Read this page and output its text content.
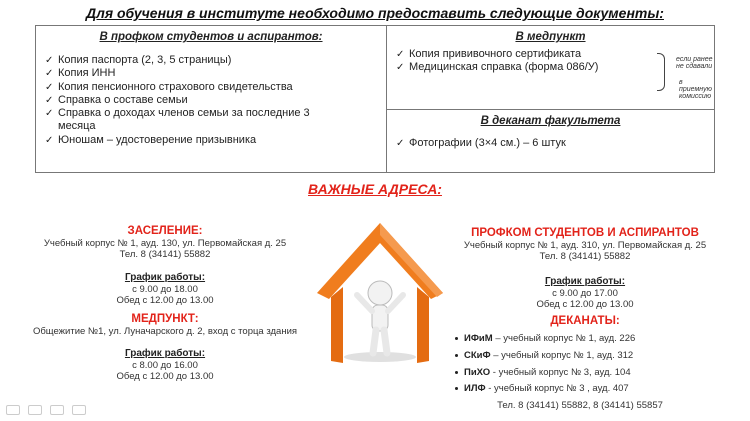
Для обучения в институте необходимо предоставить следующие документы:
В профком студентов и аспирантов:
✓ Копия паспорта (2, 3, 5 страницы)
✓ Копия ИНН
✓ Копия пенсионного страхового свидетельства
✓ Справка о составе семьи
✓ Справка о доходах членов семьи за последние 3 месяца
✓ Юношам – удостоверение призывника
В медпункт
✓ Копия прививочного сертификата
✓ Медицинская справка (форма 086/У)
если ранее не сдавали
в приемную комиссию
В деканат факультета
✓ Фотографии (3×4 см.) – 6 штук
ВАЖНЫЕ АДРЕСА:
ЗАСЕЛЕНИЕ:
Учебный корпус № 1, ауд. 130, ул. Первомайская д. 25
Тел. 8 (34141) 55882
График работы:
с 9.00 до 18.00
Обед с 12.00 до 13.00
МЕДПУНКТ:
Общежитие №1, ул. Луначарского д. 2, вход с торца здания
График работы:
с 8.00 до 16.00
Обед с 12.00 до 13.00
ПРОФКОМ СТУДЕНТОВ И АСПИРАНТОВ
Учебный корпус № 1, ауд. 310, ул. Первомайская д. 25
Тел. 8 (34141) 55882
График работы:
с 9.00 до 17.00
Обед с 12.00 до 13.00
ДЕКАНАТЫ:
ИФиМ – учебный корпус № 1, ауд. 226
СКиФ – учебный корпус № 1, ауд. 312
ПиХО - учебный корпус № 3, ауд. 104
ИЛФ - учебный корпус № 3 , ауд. 407
Тел. 8 (34141) 55882, 8 (34141) 55857
